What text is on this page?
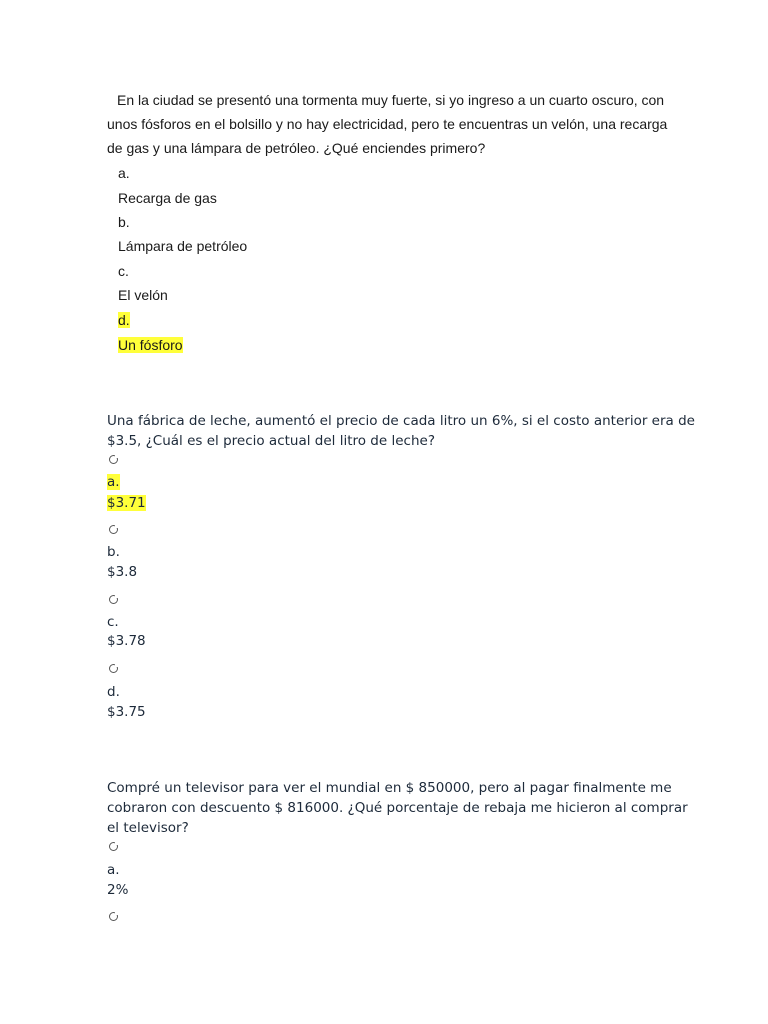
En la ciudad se presentó una tormenta muy fuerte, si yo ingreso a un cuarto oscuro, con
unos fósforos en el bolsillo y no hay electricidad, pero te encuentras un velón, una recarga
de gas y una lámpara de petróleo. ¿Qué enciendes primero?
a.
Recarga de gas
b.
Lámpara de petróleo
c.
El velón
d.
Un fósforo
Una fábrica de leche, aumentó el precio de cada litro un 6%, si el costo anterior era de
$3.5, ¿Cuál es el precio actual del litro de leche?
a.
$3.71
b.
$3.8
c.
$3.78
d.
$3.75
Compré un televisor para ver el mundial en $ 850000, pero al pagar finalmente me
cobraron con descuento $ 816000. ¿Qué porcentaje de rebaja me hicieron al comprar
el televisor?
a.
2%
